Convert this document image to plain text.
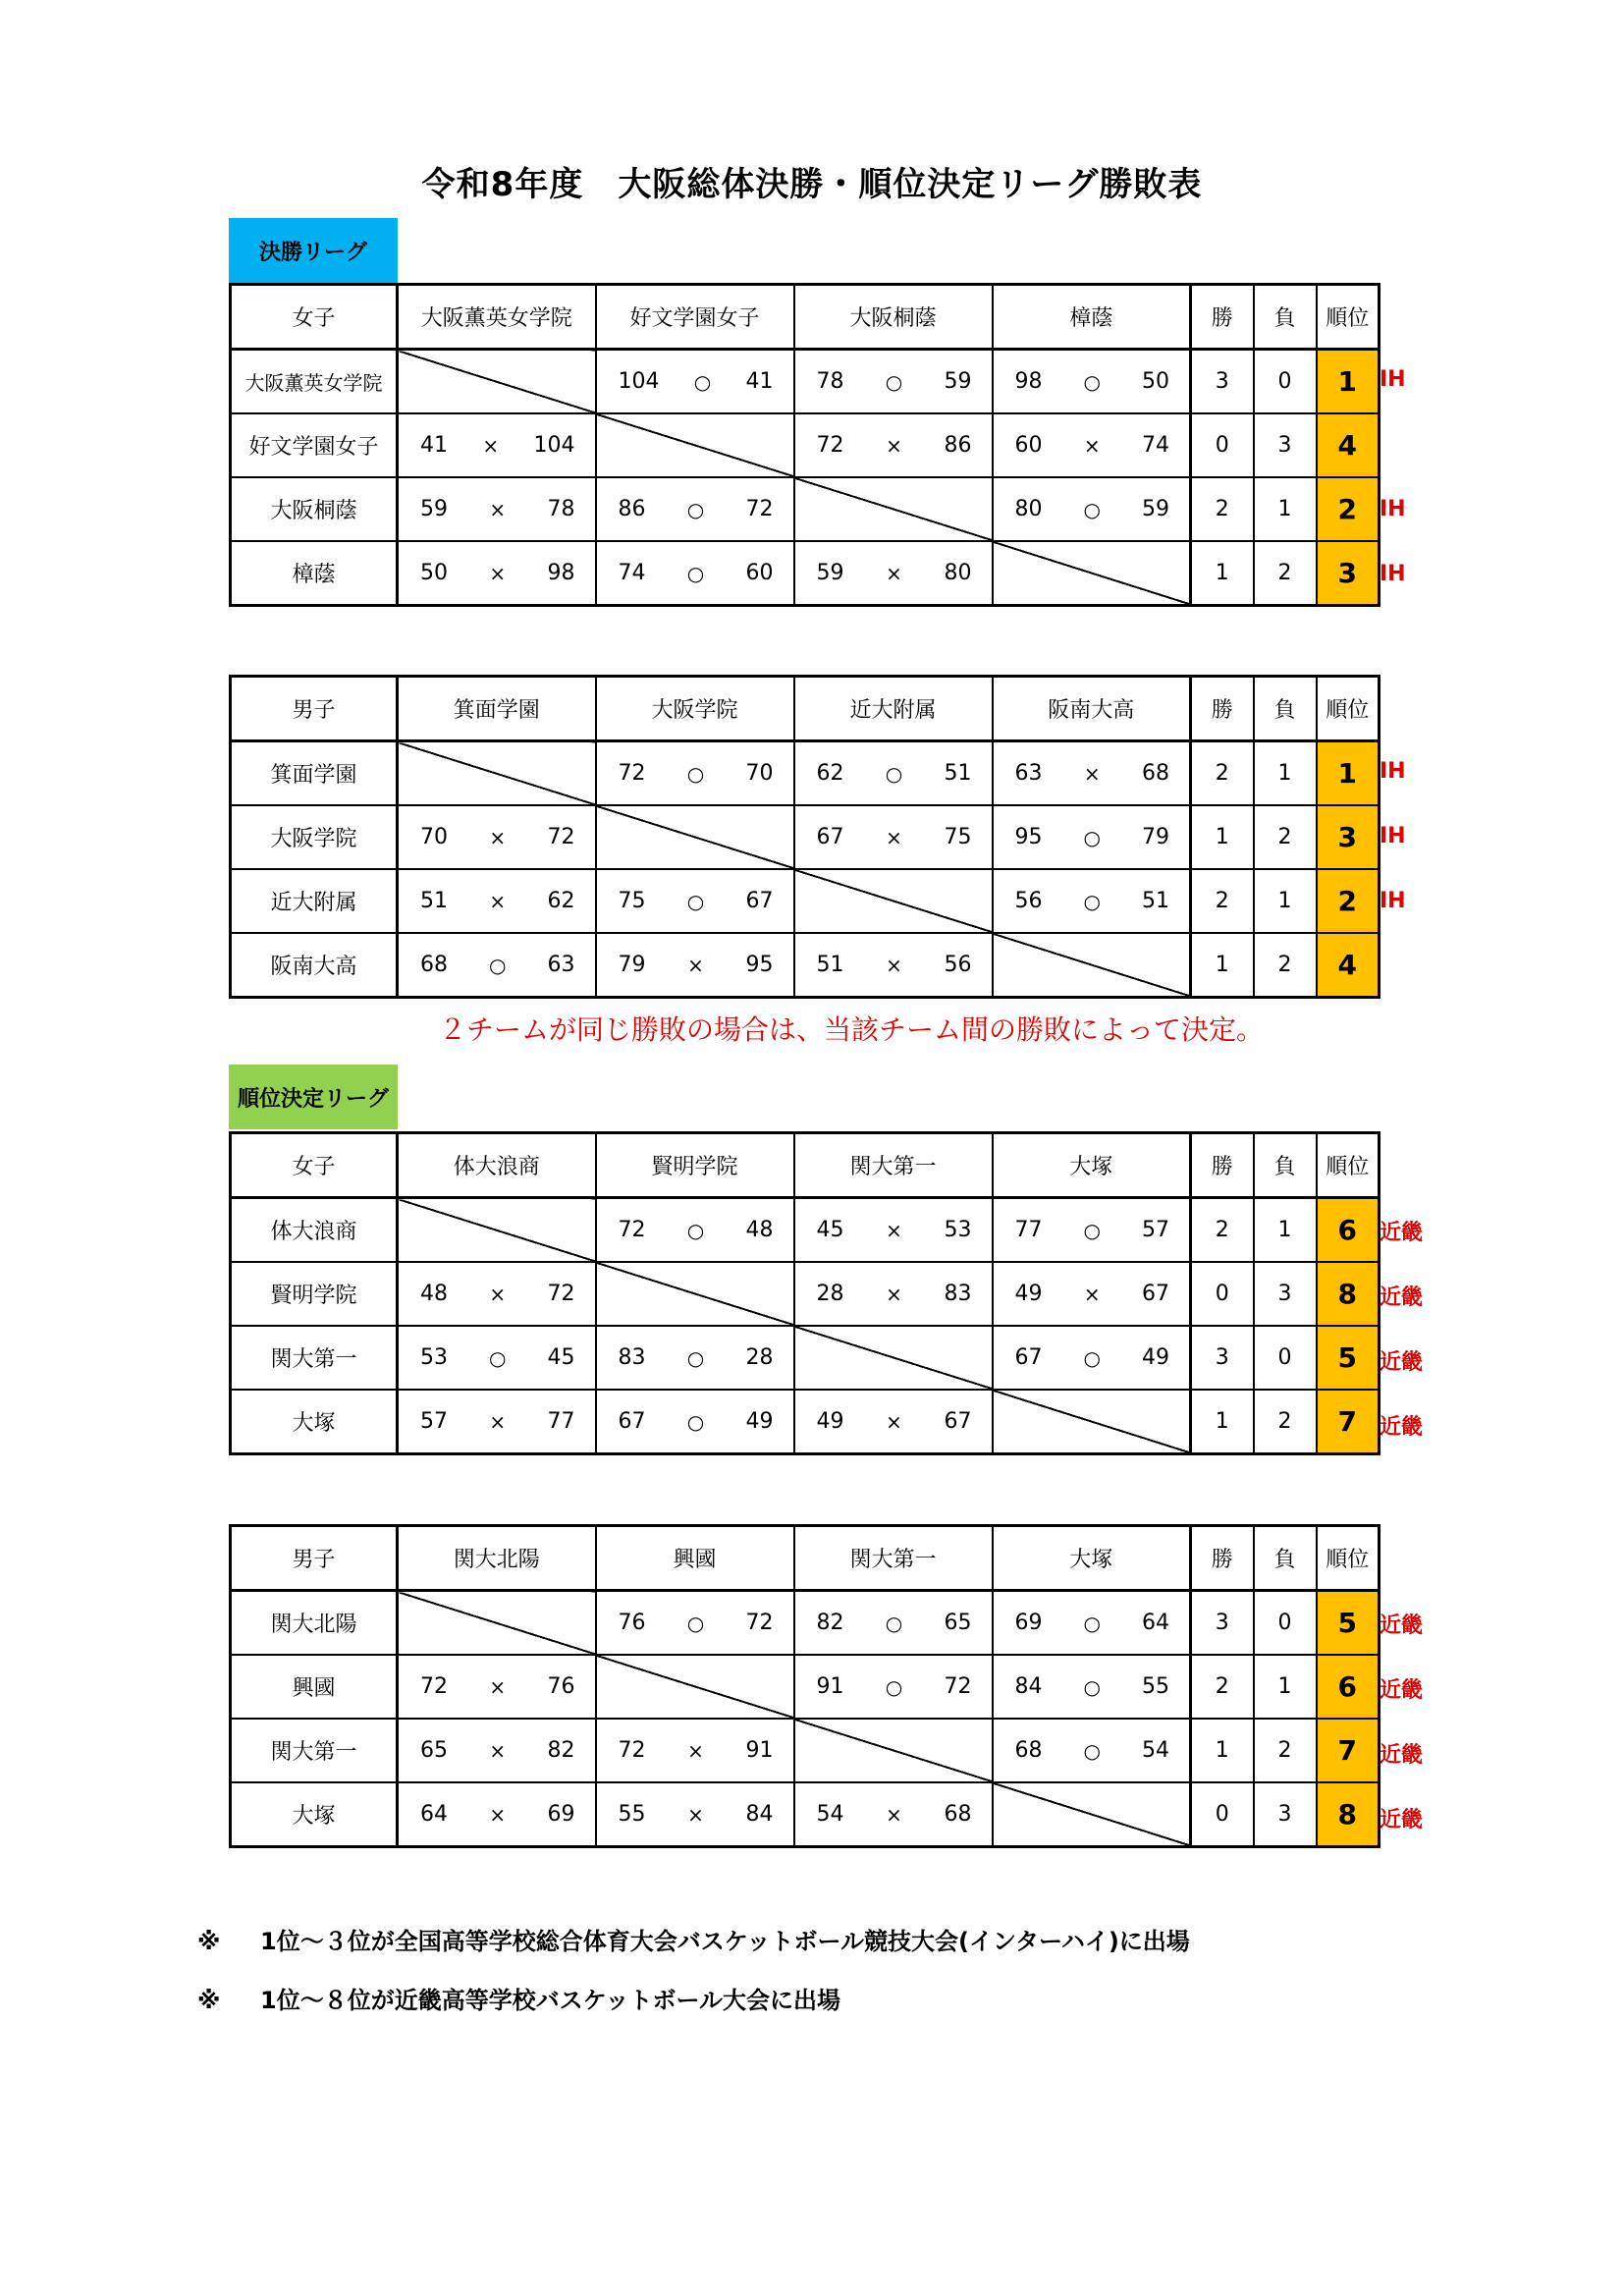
令和8年度　大阪総体決勝・順位決定リーグ勝敗表
決勝リーグ
順位決定リーグ
IH
IH
IH
女子	大阪薫英女学院	好文学園女子	大阪桐蔭	樟蔭	勝	負	順位
大阪薫英女学院		104 ○ 41	78 ○ 59	98 ○ 50	3	0	1
好文学園女子	41 × 104		72 × 86	60 × 74	0	3	4
大阪桐蔭	59 × 78	86 ○ 72		80 ○ 59	2	1	2
樟蔭	50 × 98	74 ○ 60	59 × 80		1	2	3
IH
IH
IH
男子	箕面学園	大阪学院	近大附属	阪南大高	勝	負	順位
箕面学園		72 ○ 70	62 ○ 51	63 × 68	2	1	1
大阪学院	70 × 72		67 × 75	95 ○ 79	1	2	3
近大附属	51 × 62	75 ○ 67		56 ○ 51	2	1	2
阪南大高	68 ○ 63	79 × 95	51 × 56		1	2	4
近畿
近畿
近畿
近畿
女子	体大浪商	賢明学院	関大第一	大塚	勝	負	順位
体大浪商		72 ○ 48	45 × 53	77 ○ 57	2	1	6
賢明学院	48 × 72		28 × 83	49 × 67	0	3	8
関大第一	53 ○ 45	83 ○ 28		67 ○ 49	3	0	5
大塚	57 × 77	67 ○ 49	49 × 67		1	2	7
近畿
近畿
近畿
近畿
男子	関大北陽	興國	関大第一	大塚	勝	負	順位
関大北陽		76 ○ 72	82 ○ 65	69 ○ 64	3	0	5
興國	72 × 76		91 ○ 72	84 ○ 55	2	1	6
関大第一	65 × 82	72 × 91		68 ○ 54	1	2	7
大塚	64 × 69	55 × 84	54 × 68		0	3	8
２チームが同じ勝敗の場合は、当該チーム間の勝敗によって決定。
※ 1位～３位が全国高等学校総合体育大会バスケットボール競技大会(インターハイ)に出場
※ 1位～８位が近畿高等学校バスケットボール大会に出場
